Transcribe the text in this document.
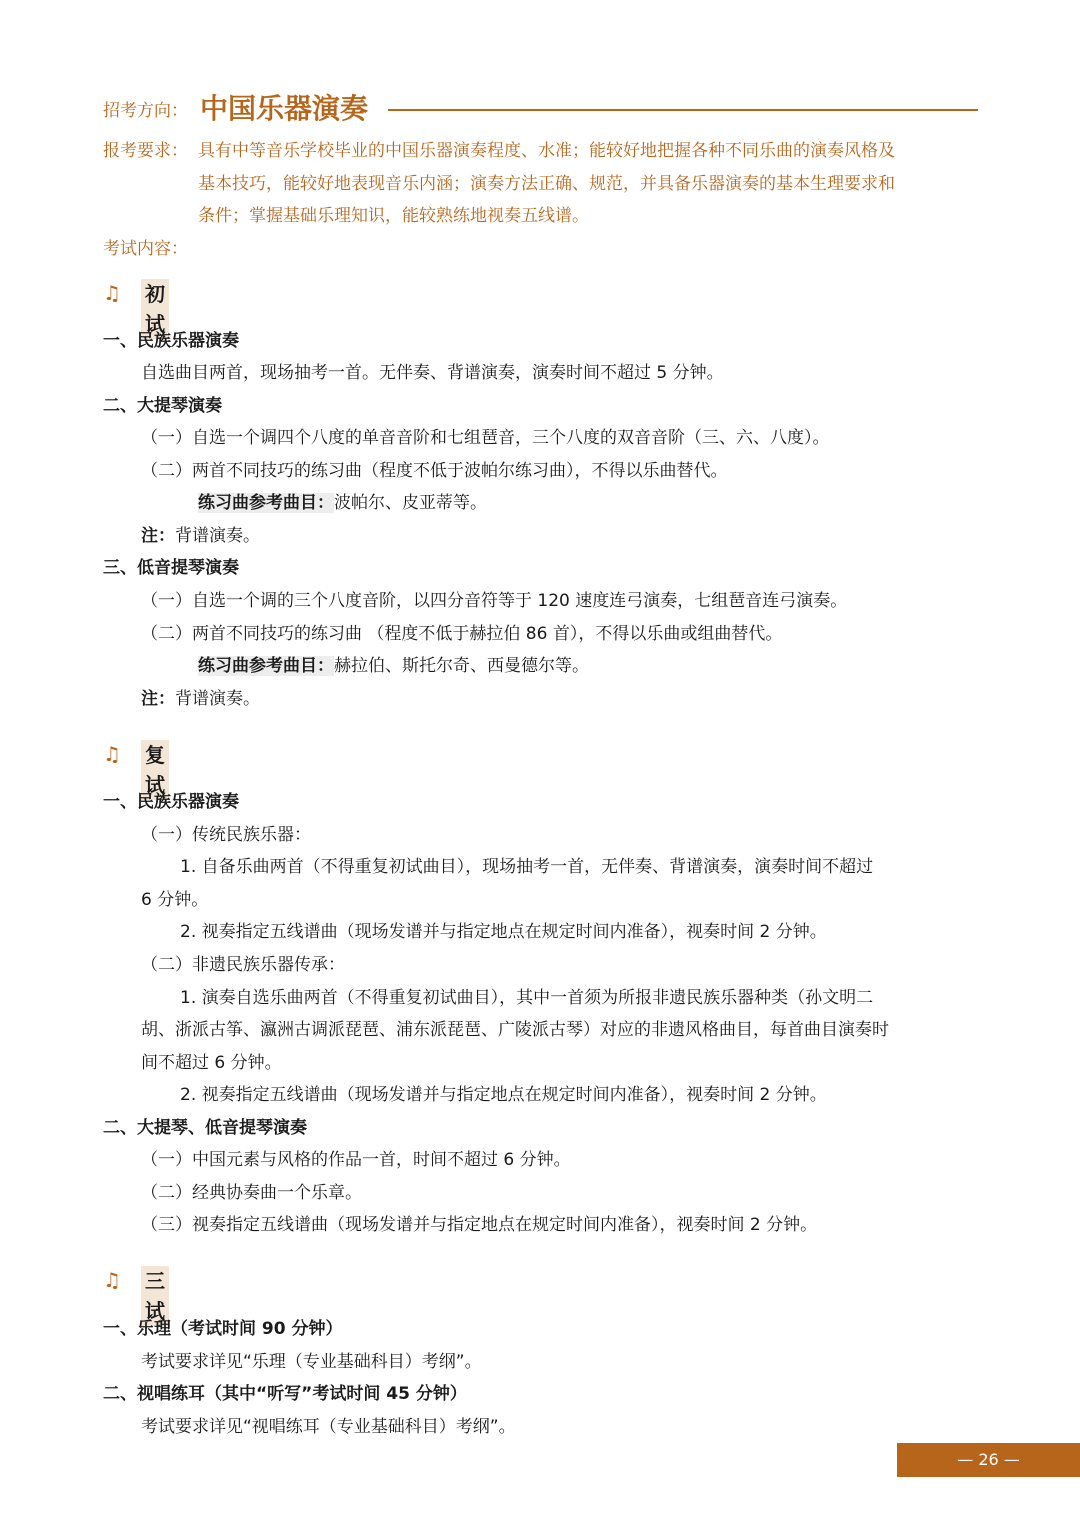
招考方向： 中国乐器演奏
报考要求： 具有中等音乐学校毕业的中国乐器演奏程度、水准；能较好地把握各种不同乐曲的演奏风格及
基本技巧，能较好地表现音乐内涵；演奏方法正确、规范，并具备乐器演奏的基本生理要求和
条件；掌握基础乐理知识，能较熟练地视奏五线谱。
考试内容：
♫ 初试
一、民族乐器演奏
自选曲目两首，现场抽考一首。无伴奏、背谱演奏，演奏时间不超过 5 分钟。
二、大提琴演奏
（一）自选一个调四个八度的单音音阶和七组琶音，三个八度的双音音阶（三、六、八度）。
（二）两首不同技巧的练习曲（程度不低于波帕尔练习曲），不得以乐曲替代。
练习曲参考曲目：波帕尔、皮亚蒂等。
注：背谱演奏。
三、低音提琴演奏
（一）自选一个调的三个八度音阶，以四分音符等于 120 速度连弓演奏，七组琶音连弓演奏。
（二）两首不同技巧的练习曲 （程度不低于赫拉伯 86 首），不得以乐曲或组曲替代。
练习曲参考曲目：赫拉伯、斯托尔奇、西曼德尔等。
注：背谱演奏。
♫ 复试
一、民族乐器演奏
（一）传统民族乐器：
1. 自备乐曲两首（不得重复初试曲目），现场抽考一首，无伴奏、背谱演奏，演奏时间不超过
6 分钟。
2. 视奏指定五线谱曲（现场发谱并与指定地点在规定时间内准备），视奏时间 2 分钟。
（二）非遗民族乐器传承：
1. 演奏自选乐曲两首（不得重复初试曲目），其中一首须为所报非遗民族乐器种类（孙文明二
胡、浙派古筝、瀛洲古调派琵琶、浦东派琵琶、广陵派古琴）对应的非遗风格曲目，每首曲目演奏时
间不超过 6 分钟。
2. 视奏指定五线谱曲（现场发谱并与指定地点在规定时间内准备），视奏时间 2 分钟。
二、大提琴、低音提琴演奏
（一）中国元素与风格的作品一首，时间不超过 6 分钟。
（二）经典协奏曲一个乐章。
（三）视奏指定五线谱曲（现场发谱并与指定地点在规定时间内准备），视奏时间 2 分钟。
♫ 三试
一、乐理（考试时间 90 分钟）
考试要求详见“乐理（专业基础科目）考纲”。
二、视唱练耳（其中“听写”考试时间 45 分钟）
考试要求详见“视唱练耳（专业基础科目）考纲”。
— 26 —
